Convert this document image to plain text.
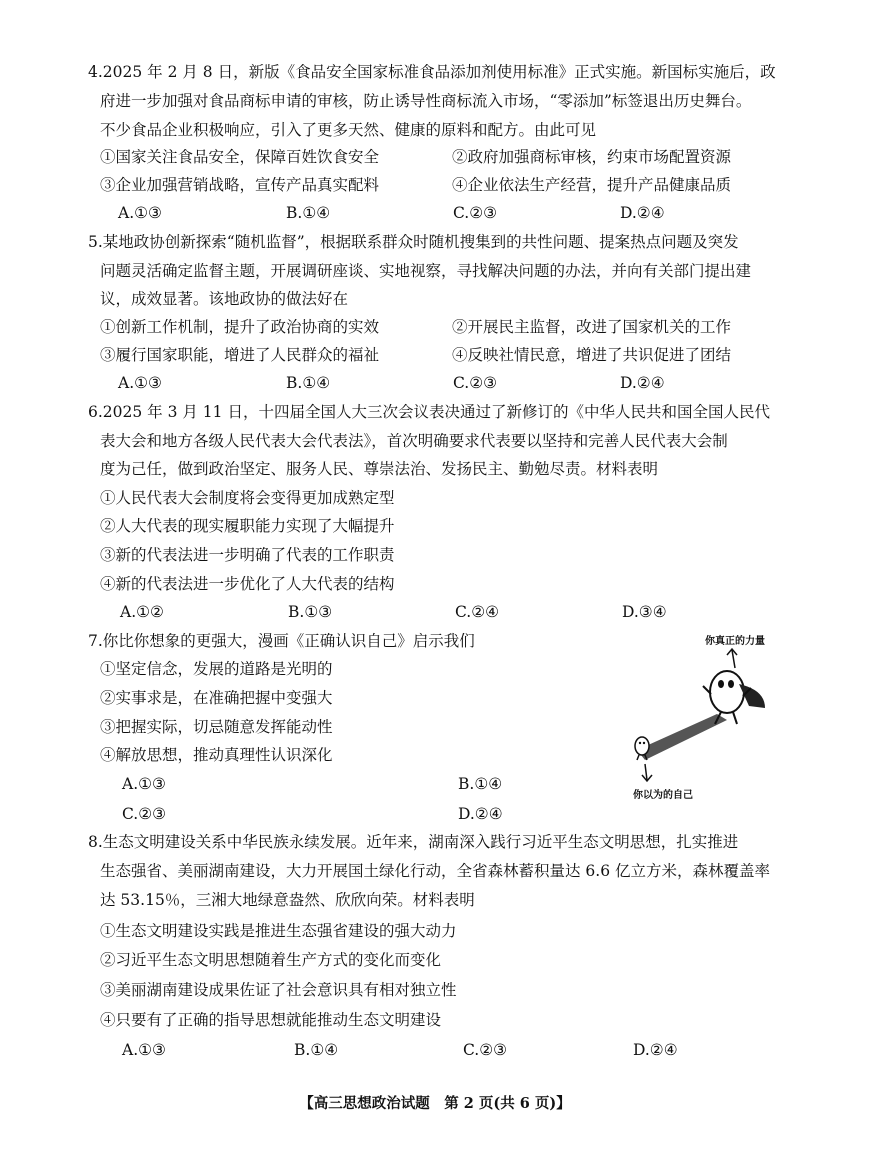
4.2025 年 2 月 8 日，新版《食品安全国家标准食品添加剂使用标准》正式实施。新国标实施后，政
府进一步加强对食品商标申请的审核，防止诱导性商标流入市场，“零添加”标签退出历史舞台。
不少食品企业积极响应，引入了更多天然、健康的原料和配方。由此可见
①国家关注食品安全，保障百姓饮食安全	②政府加强商标审核，约束市场配置资源
③企业加强营销战略，宣传产品真实配料	④企业依法生产经营，提升产品健康品质
A.①③	B.①④	C.②③	D.②④
5.某地政协创新探索“随机监督”，根据联系群众时随机搜集到的共性问题、提案热点问题及突发
问题灵活确定监督主题，开展调研座谈、实地视察，寻找解决问题的办法，并向有关部门提出建
议，成效显著。该地政协的做法好在
①创新工作机制，提升了政治协商的实效	②开展民主监督，改进了国家机关的工作
③履行国家职能，增进了人民群众的福祉	④反映社情民意，增进了共识促进了团结
A.①③	B.①④	C.②③	D.②④
6.2025 年 3 月 11 日，十四届全国人大三次会议表决通过了新修订的《中华人民共和国全国人民代
表大会和地方各级人民代表大会代表法》，首次明确要求代表要以坚持和完善人民代表大会制
度为己任，做到政治坚定、服务人民、尊崇法治、发扬民主、勤勉尽责。材料表明
①人民代表大会制度将会变得更加成熟定型
②人大代表的现实履职能力实现了大幅提升
③新的代表法进一步明确了代表的工作职责
④新的代表法进一步优化了人大代表的结构
A.①②	B.①③	C.②④	D.③④
7.你比你想象的更强大，漫画《正确认识自己》启示我们
①坚定信念，发展的道路是光明的
②实事求是，在准确把握中变强大
③把握实际，切忌随意发挥能动性
④解放思想，推动真理性认识深化
A.①③	B.①④
C.②③	D.②④
你真正的力量
你以为的自己
8.生态文明建设关系中华民族永续发展。近年来，湖南深入践行习近平生态文明思想，扎实推进
生态强省、美丽湖南建设，大力开展国土绿化行动，全省森林蓄积量达 6.6 亿立方米，森林覆盖率
达 53.15％，三湘大地绿意盎然、欣欣向荣。材料表明
①生态文明建设实践是推进生态强省建设的强大动力
②习近平生态文明思想随着生产方式的变化而变化
③美丽湖南建设成果佐证了社会意识具有相对独立性
④只要有了正确的指导思想就能推动生态文明建设
A.①③	B.①④	C.②③	D.②④
【高三思想政治试题　第 2 页(共 6 页)】
